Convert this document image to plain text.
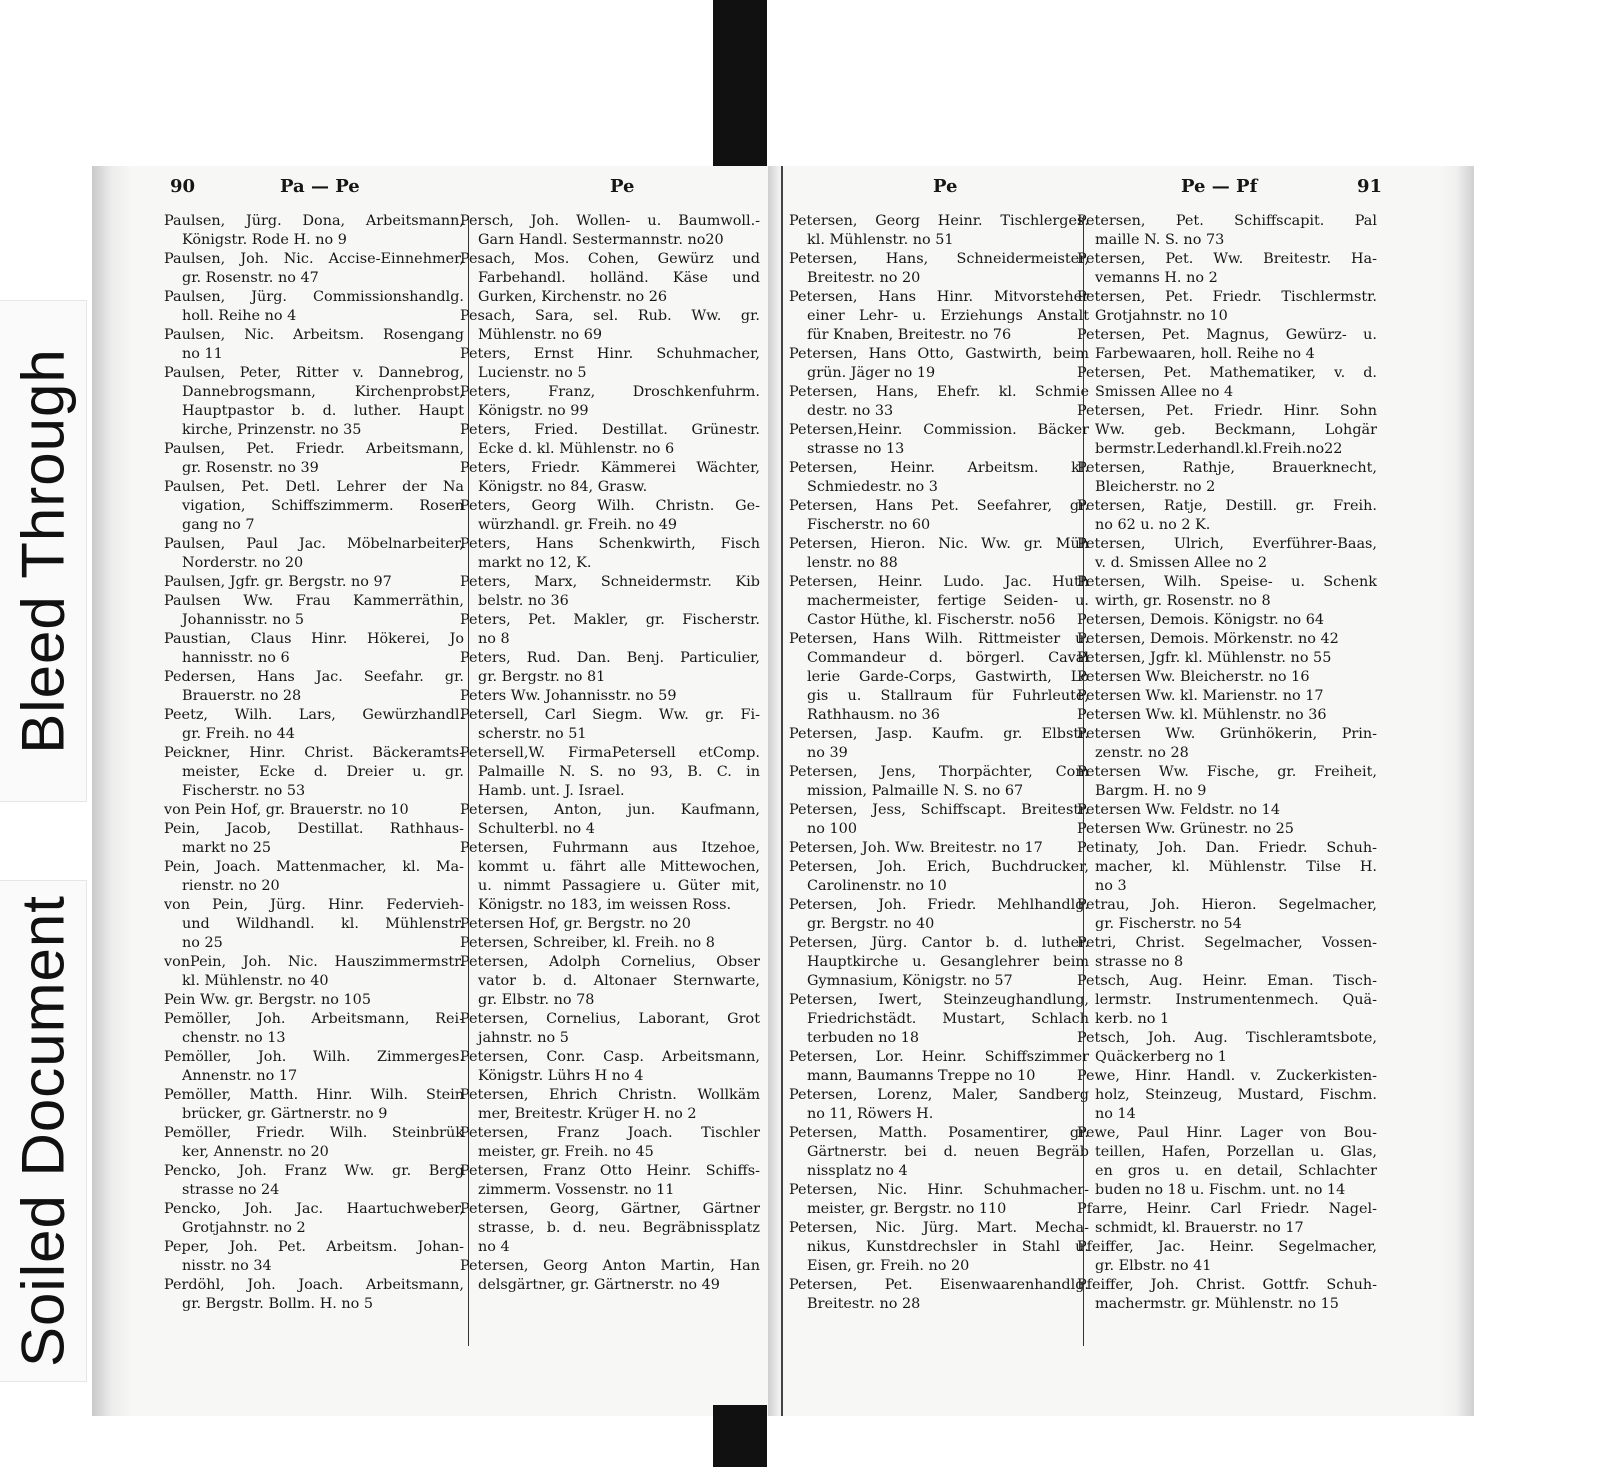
Bleed Through
Soiled Document
90	Pa — Pe	Pe

Paulsen, Jürg. Dona, Arbeitsmann,
Königstr. Rode H. no 9

Paulsen, Joh. Nic. Accise-Einnehmer,
gr. Rosenstr. no 47

Paulsen, Jürg. Commissionshandlg.
holl. Reihe no 4

Paulsen, Nic. Arbeitsm. Rosengang
no 11

Paulsen, Peter, Ritter v. Dannebrog,
Dannebrogsmann, Kirchenprobst,
Hauptpastor b. d. luther. Haupt
kirche, Prinzenstr. no 35

Paulsen, Pet. Friedr. Arbeitsmann,
gr. Rosenstr. no 39

Paulsen, Pet. Detl. Lehrer der Na
vigation, Schiffszimmerm. Rosen
gang no 7

Paulsen, Paul Jac. Möbelnarbeiter,
Norderstr. no 20

Paulsen, Jgfr. gr. Bergstr. no 97

Paulsen Ww. Frau Kammerräthin,
Johannisstr. no 5

Paustian, Claus Hinr. Hökerei, Jo
hannisstr. no 6

Pedersen, Hans Jac. Seefahr. gr.
Brauerstr. no 28

Peetz, Wilh. Lars, Gewürzhandl.
gr. Freih. no 44

Peickner, Hinr. Christ. Bäckeramts-
meister, Ecke d. Dreier u. gr.
Fischerstr. no 53

von Pein Hof, gr. Brauerstr. no 10

Pein, Jacob, Destillat. Rathhaus-
markt no 25

Pein, Joach. Mattenmacher, kl. Ma-
rienstr. no 20

von Pein, Jürg. Hinr. Federvieh-
und Wildhandl. kl. Mühlenstr.
no 25

vonPein, Joh. Nic. Hauszimmermstr.
kl. Mühlenstr. no 40

Pein Ww. gr. Bergstr. no 105

Pemöller, Joh. Arbeitsmann, Rei-
chenstr. no 13

Pemöller, Joh. Wilh. Zimmerges.
Annenstr. no 17

Pemöller, Matth. Hinr. Wilh. Stein
brücker, gr. Gärtnerstr. no 9

Pemöller, Friedr. Wilh. Steinbrük
ker, Annenstr. no 20

Pencko, Joh. Franz Ww. gr. Berg
strasse no 24

Pencko, Joh. Jac. Haartuchweber,
Grotjahnstr. no 2

Peper, Joh. Pet. Arbeitsm. Johan-
nisstr. no 34

Perdöhl, Joh. Joach. Arbeitsmann,
gr. Bergstr. Bollm. H. no 5

Persch, Joh. Wollen- u. Baumwoll.-
Garn Handl. Sestermannstr. no20

Pesach, Mos. Cohen, Gewürz und
Farbehandl. holländ. Käse und
Gurken, Kirchenstr. no 26

Pesach, Sara, sel. Rub. Ww. gr.
Mühlenstr. no 69

Peters, Ernst Hinr. Schuhmacher,
Lucienstr. no 5

Peters, Franz, Droschkenfuhrm.
Königstr. no 99

Peters, Fried. Destillat. Grünestr.
Ecke d. kl. Mühlenstr. no 6

Peters, Friedr. Kämmerei Wächter,
Königstr. no 84, Grasw.

Peters, Georg Wilh. Christn. Ge-
würzhandl. gr. Freih. no 49

Peters, Hans Schenkwirth, Fisch
markt no 12, K.

Peters, Marx, Schneidermstr. Kib
belstr. no 36

Peters, Pet. Makler, gr. Fischerstr.
no 8

Peters, Rud. Dan. Benj. Particulier,
gr. Bergstr. no 81

Peters Ww. Johannisstr. no 59

Petersell, Carl Siegm. Ww. gr. Fi-
scherstr. no 51

Petersell,W. FirmaPetersell etComp.
Palmaille N. S. no 93, B. C. in
Hamb. unt. J. Israel.

Petersen, Anton, jun. Kaufmann,
Schulterbl. no 4

Petersen, Fuhrmann aus Itzehoe,
kommt u. fährt alle Mittewochen,
u. nimmt Passagiere u. Güter mit,
Königstr. no 183, im weissen Ross.

Petersen Hof, gr. Bergstr. no 20

Petersen, Schreiber, kl. Freih. no 8

Petersen, Adolph Cornelius, Obser
vator b. d. Altonaer Sternwarte,
gr. Elbstr. no 78

Petersen, Cornelius, Laborant, Grot
jahnstr. no 5

Petersen, Conr. Casp. Arbeitsmann,
Königstr. Lührs H no 4

Petersen, Ehrich Christn. Wollkäm
mer, Breitestr. Krüger H. no 2

Petersen, Franz Joach. Tischler
meister, gr. Freih. no 45

Petersen, Franz Otto Heinr. Schiffs-
zimmerm. Vossenstr. no 11

Petersen, Georg, Gärtner, Gärtner
strasse, b. d. neu. Begräbnissplatz
no 4

Petersen, Georg Anton Martin, Han
delsgärtner, gr. Gärtnerstr. no 49

Pe	Pe — Pf	91

Petersen, Georg Heinr. Tischlerges.
kl. Mühlenstr. no 51

Petersen, Hans, Schneidermeister,
Breitestr. no 20

Petersen, Hans Hinr. Mitvorsteher
einer Lehr- u. Erziehungs Anstalt
für Knaben, Breitestr. no 76

Petersen, Hans Otto, Gastwirth, beim
grün. Jäger no 19

Petersen, Hans, Ehefr. kl. Schmie
destr. no 33

Petersen,Heinr. Commission. Bäcker
strasse no 13

Petersen, Heinr. Arbeitsm. kl.
Schmiedestr. no 3

Petersen, Hans Pet. Seefahrer, gr.
Fischerstr. no 60

Petersen, Hieron. Nic. Ww. gr. Müh
lenstr. no 88

Petersen, Heinr. Ludo. Jac. Huth
machermeister, fertige Seiden- u.
Castor Hüthe, kl. Fischerstr. no56

Petersen, Hans Wilh. Rittmeister u.
Commandeur d. börgerl. Caval
lerie Garde-Corps, Gastwirth, Lo
gis u. Stallraum für Fuhrleute,
Rathhausm. no 36

Petersen, Jasp. Kaufm. gr. Elbstr.
no 39

Petersen, Jens, Thorpächter, Com
mission, Palmaille N. S. no 67

Petersen, Jess, Schiffscapt. Breitestr.
no 100

Petersen, Joh. Ww. Breitestr. no 17

Petersen, Joh. Erich, Buchdrucker,
Carolinenstr. no 10

Petersen, Joh. Friedr. Mehlhandlg.
gr. Bergstr. no 40

Petersen, Jürg. Cantor b. d. luther.
Hauptkirche u. Gesanglehrer beim
Gymnasium, Königstr. no 57

Petersen, Iwert, Steinzeughandlung,
Friedrichstädt. Mustart, Schlach
terbuden no 18

Petersen, Lor. Heinr. Schiffszimmer
mann, Baumanns Treppe no 10

Petersen, Lorenz, Maler, Sandberg
no 11, Röwers H.

Petersen, Matth. Posamentirer, gr.
Gärtnerstr. bei d. neuen Begräb
nissplatz no 4

Petersen, Nic. Hinr. Schuhmacher-
meister, gr. Bergstr. no 110

Petersen, Nic. Jürg. Mart. Mecha-
nikus, Kunstdrechsler in Stahl u.
Eisen, gr. Freih. no 20

Petersen, Pet. Eisenwaarenhandlg.
Breitestr. no 28

Petersen, Pet. Schiffscapit. Pal
maille N. S. no 73

Petersen, Pet. Ww. Breitestr. Ha-
vemanns H. no 2

Petersen, Pet. Friedr. Tischlermstr.
Grotjahnstr. no 10

Petersen, Pet. Magnus, Gewürz- u.
Farbewaaren, holl. Reihe no 4

Petersen, Pet. Mathematiker, v. d.
Smissen Allee no 4

Petersen, Pet. Friedr. Hinr. Sohn
Ww. geb. Beckmann, Lohgär
bermstr.Lederhandl.kl.Freih.no22

Petersen, Rathje, Brauerknecht,
Bleicherstr. no 2

Petersen, Ratje, Destill. gr. Freih.
no 62 u. no 2 K.

Petersen, Ulrich, Everführer-Baas,
v. d. Smissen Allee no 2

Petersen, Wilh. Speise- u. Schenk
wirth, gr. Rosenstr. no 8

Petersen, Demois. Königstr. no 64

Petersen, Demois. Mörkenstr. no 42

Petersen, Jgfr. kl. Mühlenstr. no 55

Petersen Ww. Bleicherstr. no 16

Petersen Ww. kl. Marienstr. no 17

Petersen Ww. kl. Mühlenstr. no 36

Petersen Ww. Grünhökerin, Prin-
zenstr. no 28

Petersen Ww. Fische, gr. Freiheit,
Bargm. H. no 9

Petersen Ww. Feldstr. no 14

Petersen Ww. Grünestr. no 25

Petinaty, Joh. Dan. Friedr. Schuh-
macher, kl. Mühlenstr. Tilse H.
no 3

Petrau, Joh. Hieron. Segelmacher,
gr. Fischerstr. no 54

Petri, Christ. Segelmacher, Vossen-
strasse no 8

Petsch, Aug. Heinr. Eman. Tisch-
lermstr. Instrumentenmech. Quä-
kerb. no 1

Petsch, Joh. Aug. Tischleramtsbote,
Quäckerberg no 1

Pewe, Hinr. Handl. v. Zuckerkisten-
holz, Steinzeug, Mustard, Fischm.
no 14

Pewe, Paul Hinr. Lager von Bou-
teillen, Hafen, Porzellan u. Glas,
en gros u. en detail, Schlachter
buden no 18 u. Fischm. unt. no 14

Pfarre, Heinr. Carl Friedr. Nagel-
schmidt, kl. Brauerstr. no 17

Pfeiffer, Jac. Heinr. Segelmacher,
gr. Elbstr. no 41

Pfeiffer, Joh. Christ. Gottfr. Schuh-
machermstr. gr. Mühlenstr. no 15
